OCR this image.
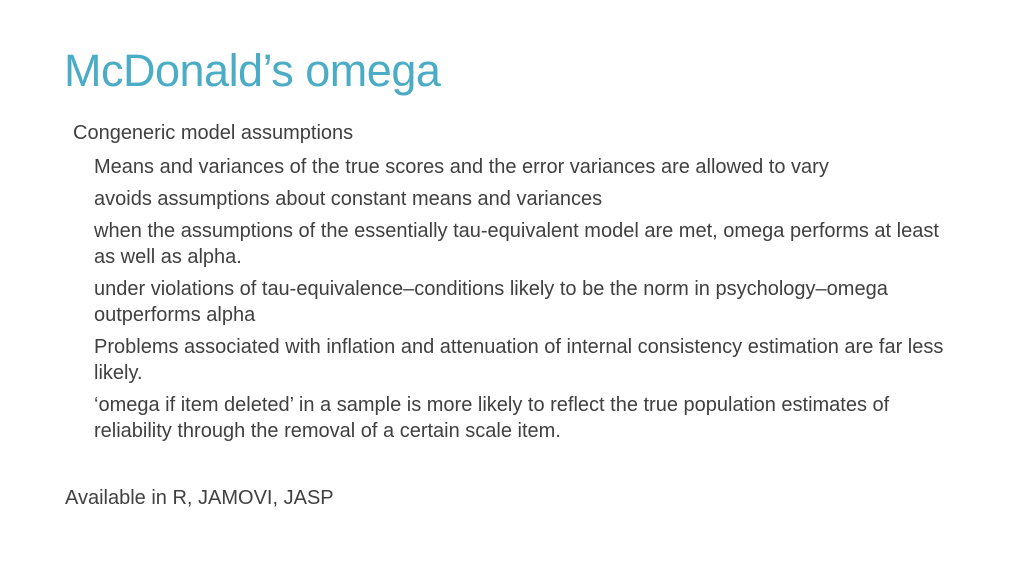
McDonald’s omega
Congeneric model assumptions
Means and variances of the true scores and the error variances are allowed to vary
avoids assumptions about constant means and variances
when the assumptions of the essentially tau-equivalent model are met, omega performs at least as well as alpha.
under violations of tau-equivalence–conditions likely to be the norm in psychology–omega outperforms alpha
Problems associated with inflation and attenuation of internal consistency estimation are far less likely.
‘omega if item deleted’ in a sample is more likely to reflect the true population estimates of reliability through the removal of a certain scale item.
Available in R, JAMOVI, JASP
